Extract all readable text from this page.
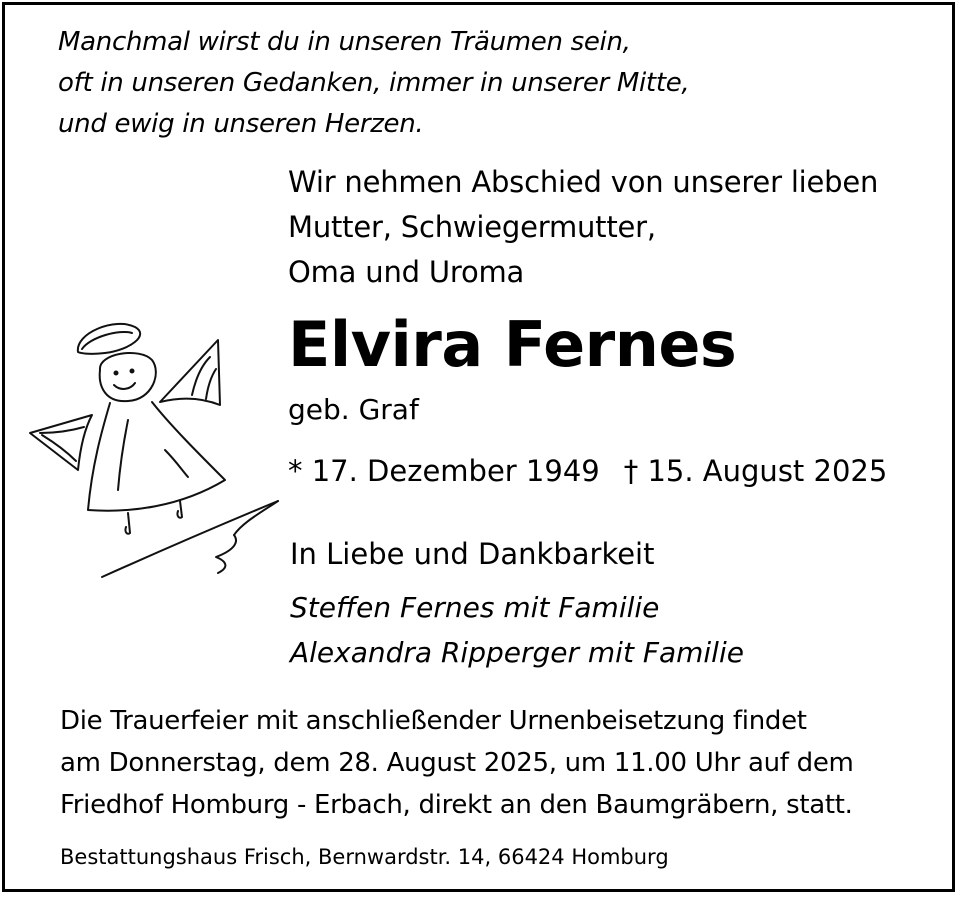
Manchmal wirst du in unseren Träumen sein,
oft in unseren Gedanken, immer in unserer Mitte,
und ewig in unseren Herzen.
Wir nehmen Abschied von unserer lieben
Mutter, Schwiegermutter,
Oma und Uroma
Elvira Fernes
geb. Graf
* 17. Dezember 1949 † 15. August 2025
In Liebe und Dankbarkeit
Steffen Fernes mit Familie
Alexandra Ripperger mit Familie
Die Trauerfeier mit anschließender Urnenbeisetzung findet
am Donnerstag, dem 28. August 2025, um 11.00 Uhr auf dem
Friedhof Homburg - Erbach, direkt an den Baumgräbern, statt.
Bestattungshaus Frisch, Bernwardstr. 14, 66424 Homburg
